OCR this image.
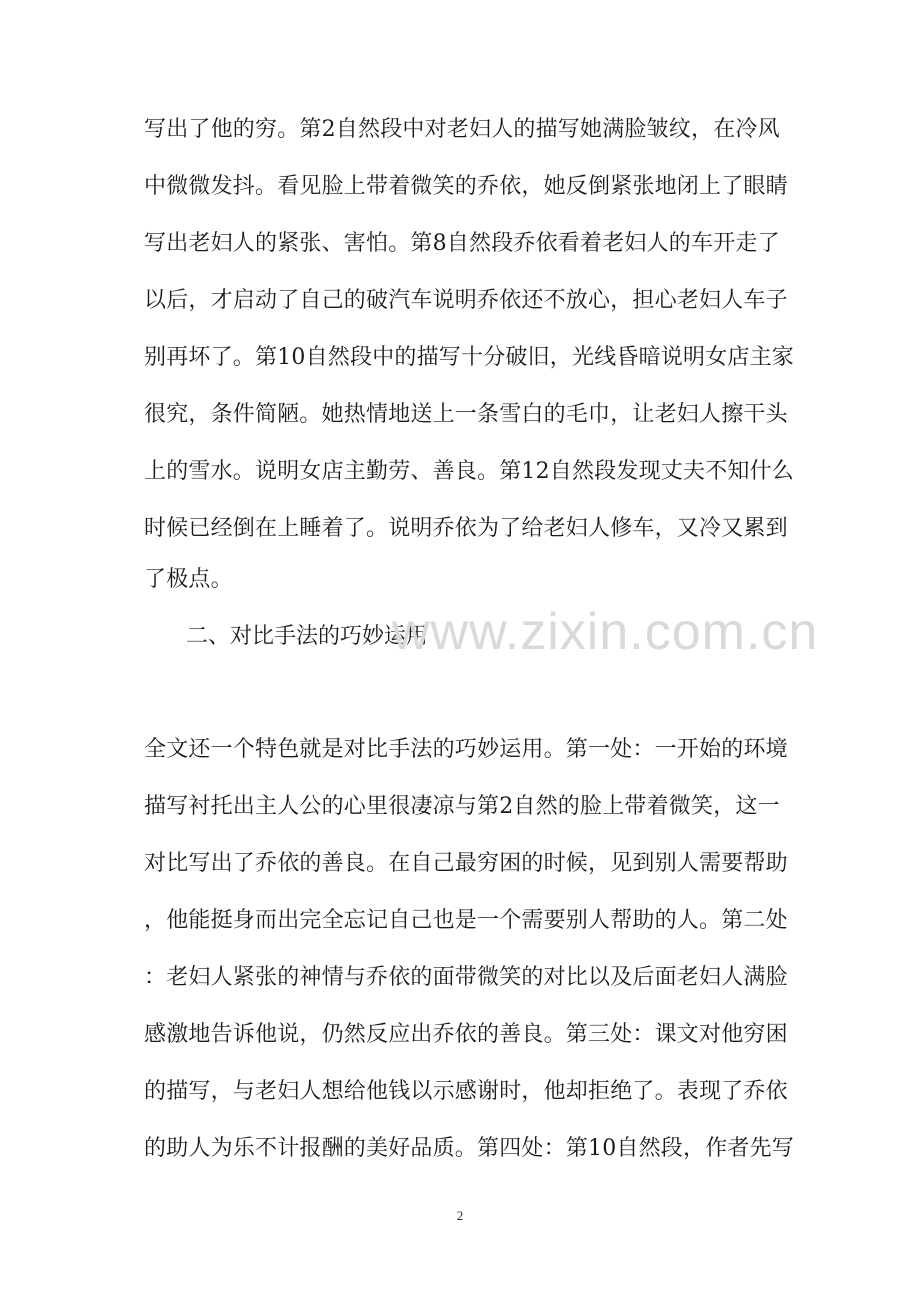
写出了他的穷。第2自然段中对老妇人的描写她满脸皱纹，在冷风
中微微发抖。看见脸上带着微笑的乔依，她反倒紧张地闭上了眼睛
写出老妇人的紧张、害怕。第8自然段乔依看着老妇人的车开走了
以后，才启动了自己的破汽车说明乔依还不放心，担心老妇人车子
别再坏了。第10自然段中的描写十分破旧，光线昏暗说明女店主家
很究，条件简陋。她热情地送上一条雪白的毛巾，让老妇人擦干头
上的雪水。说明女店主勤劳、善良。第12自然段发现丈夫不知什么
时候已经倒在上睡着了。说明乔依为了给老妇人修车，又冷又累到
了极点。
二、对比手法的巧妙运用
www.zixin.com.cn
全文还一个特色就是对比手法的巧妙运用。第一处：一开始的环境
描写衬托出主人公的心里很凄凉与第2自然的脸上带着微笑，这一
对比写出了乔依的善良。在自己最穷困的时候，见到别人需要帮助
，他能挺身而出完全忘记自己也是一个需要别人帮助的人。第二处
：老妇人紧张的神情与乔依的面带微笑的对比以及后面老妇人满脸
感激地告诉他说，仍然反应出乔依的善良。第三处：课文对他穷困
的描写，与老妇人想给他钱以示感谢时，他却拒绝了。表现了乔依
的助人为乐不计报酬的美好品质。第四处：第10自然段，作者先写
2
